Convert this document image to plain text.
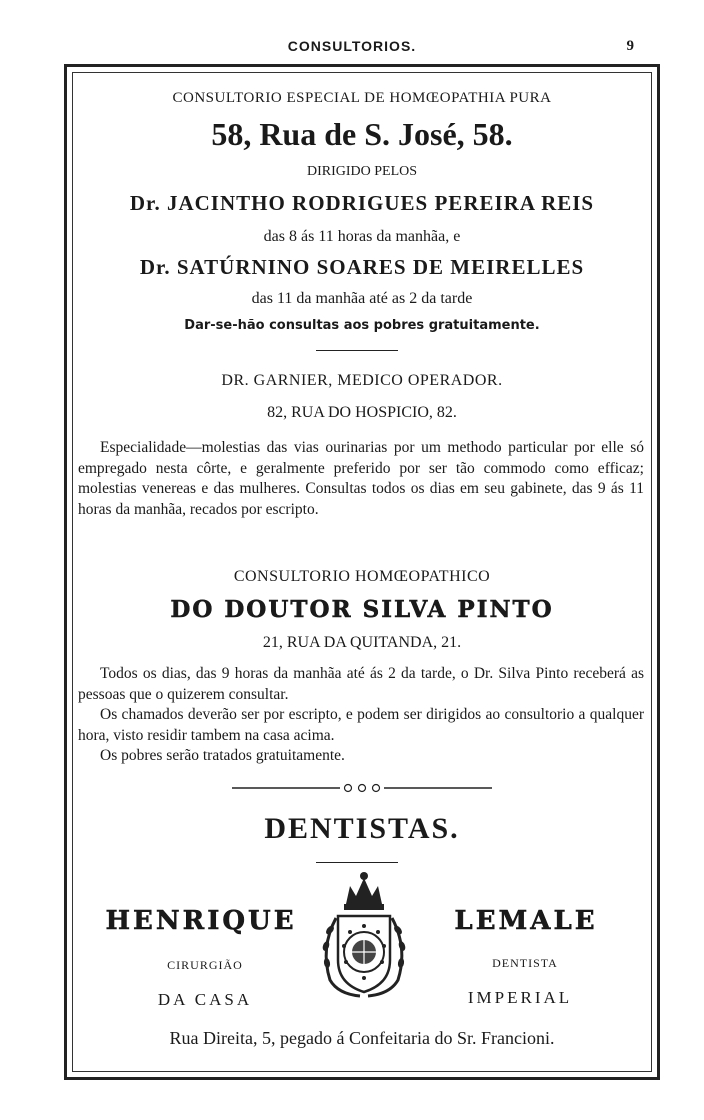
CONSULTORIOS.	9
CONSULTORIO ESPECIAL DE HOMŒOPATHIA PURA
58, Rua de S. José, 58.
DIRIGIDO PELOS
Dr. JACINTHO RODRIGUES PEREIRA REIS
das 8 ás 11 horas da manhãa, e
Dr. SATÚRNINO SOARES DE MEIRELLES
das 11 da manhãa até as 2 da tarde
Dar-se-hão consultas aos pobres gratuitamente.
DR. GARNIER, MEDICO OPERADOR.
82, RUA DO HOSPICIO, 82.

Especialidade—molestias das vias ourinarias por um methodo particular por elle só empregado nesta côrte, e geralmente preferido por ser tão commodo como efficaz; molestias venereas e das mulheres. Consultas todos os dias em seu gabinete, das 9 ás 11 horas da manhãa, recados por escripto.

CONSULTORIO HOMŒOPATHICO
DO DOUTOR SILVA PINTO
21, RUA DA QUITANDA, 21.

Todos os dias, das 9 horas da manhãa até ás 2 da tarde, o Dr. Silva Pinto receberá as pessoas que o quizerem consultar.

Os chamados deverão ser por escripto, e podem ser dirigidos ao consultorio a qualquer hora, visto residir tambem na casa acima.

Os pobres serão tratados gratuitamente.

DENTISTAS.
HENRIQUE	LEMALE
CIRURGIÃO	DENTISTA
DA CASA	IMPERIAL
Rua Direita, 5, pegado á Confeitaria do Sr. Francioni.
